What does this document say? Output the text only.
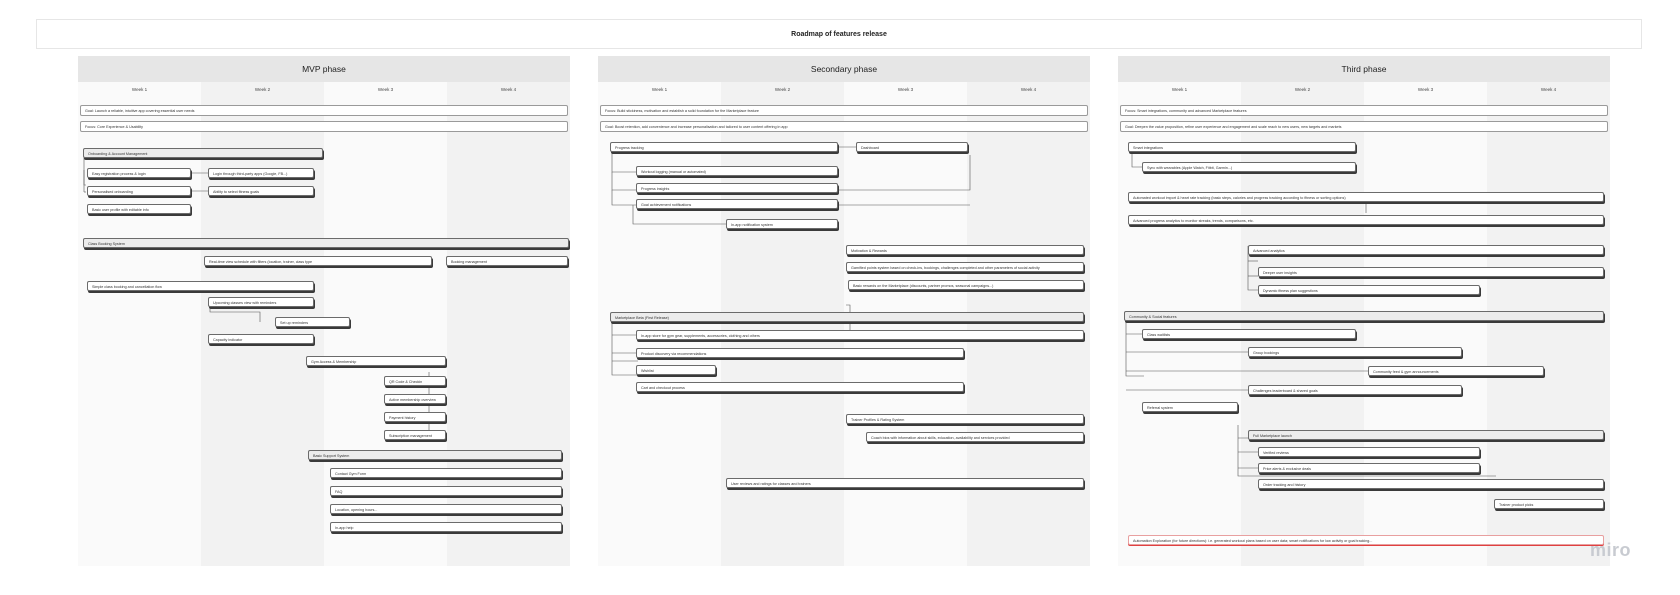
Roadmap of features release
Week 1	Week 2	Week 3	Week 4
MVP phase
Goal: Launch a reliable, intuitive app covering essential user needs
Focus: Core Experience & Usability
Onboarding & Account Management
Easy registration process & login	Login through third-party apps (Google, FB...)
Personalised onboarding	Ability to select fitness goals
Basic user profile with editable info
Class Booking System
Real-time view schedule with filters (location, trainer, class type	Booking management
Simple class booking and cancellation flow
Upcoming classes view with reminders
Set up reminders
Capacity indicator
Gym Access & Membership
QR Code & Checkin
Active membership overview
Payment history
Subscription management
Basic Support System
Contact Gym Form
FAQ
Location, opening hours...
In-app help
Week 1	Week 2	Week 3	Week 4
Secondary phase
Focus: Build stickiness, motivation and establish a solid foundation for the Marketplace feature
Goal: Boost retention, add convenience and increase personalisation and tailored to user content offering in app
Progress tracking	Dashboard
Workout logging (manual or automated)
Progress insights
Goal achievement notifications
In-app notification system
Motivation & Rewards
Gamified points system based on check-ins, bookings, challenges completed and other parameters of social activity
Basic rewards on the Marketplace (discounts, partner promos, seasonal campaigns...)
Marketplace Beta (First Release)
In-app store for gym gear, supplements, accessories, clothing and others
Product discovery via recommendations
Wishlist
Cart and checkout process
Trainer Profiles & Rating System
Coach bios with information about skills, education, availability and services provided
User reviews and ratings for classes and trainers
Week 1	Week 2	Week 3	Week 4
Third phase
Focus: Smart integrations, community and advanced Marketplace features
Goal: Deepen the value proposition, refine user experience and engagement and scale reach to new users, new targets and markets
Smart integrations
Sync with wearables (Apple Watch, Fitbit, Garmin...)
Automated workout import & heart rate tracking (basic steps, calories and progress tracking according to fitness or sorting options)
Advanced progress analytics to monitor streaks, trends, comparisons, etc.
Advanced analytics
Deeper user insights
Dynamic fitness plan suggestions
Community & Social features
Class waitlists
Group bookings
Community feed & gym announcements
Challenges leaderboard & shared goals
Referral system
Full Marketplace launch
Verified reviews
Price alerts & exclusive deals
Order tracking and history
Trainer product picks
Automation Exploration (for future directions): i.e. generated workout plans based on user data; smart notifications for low activity or goal tracking...	miro
